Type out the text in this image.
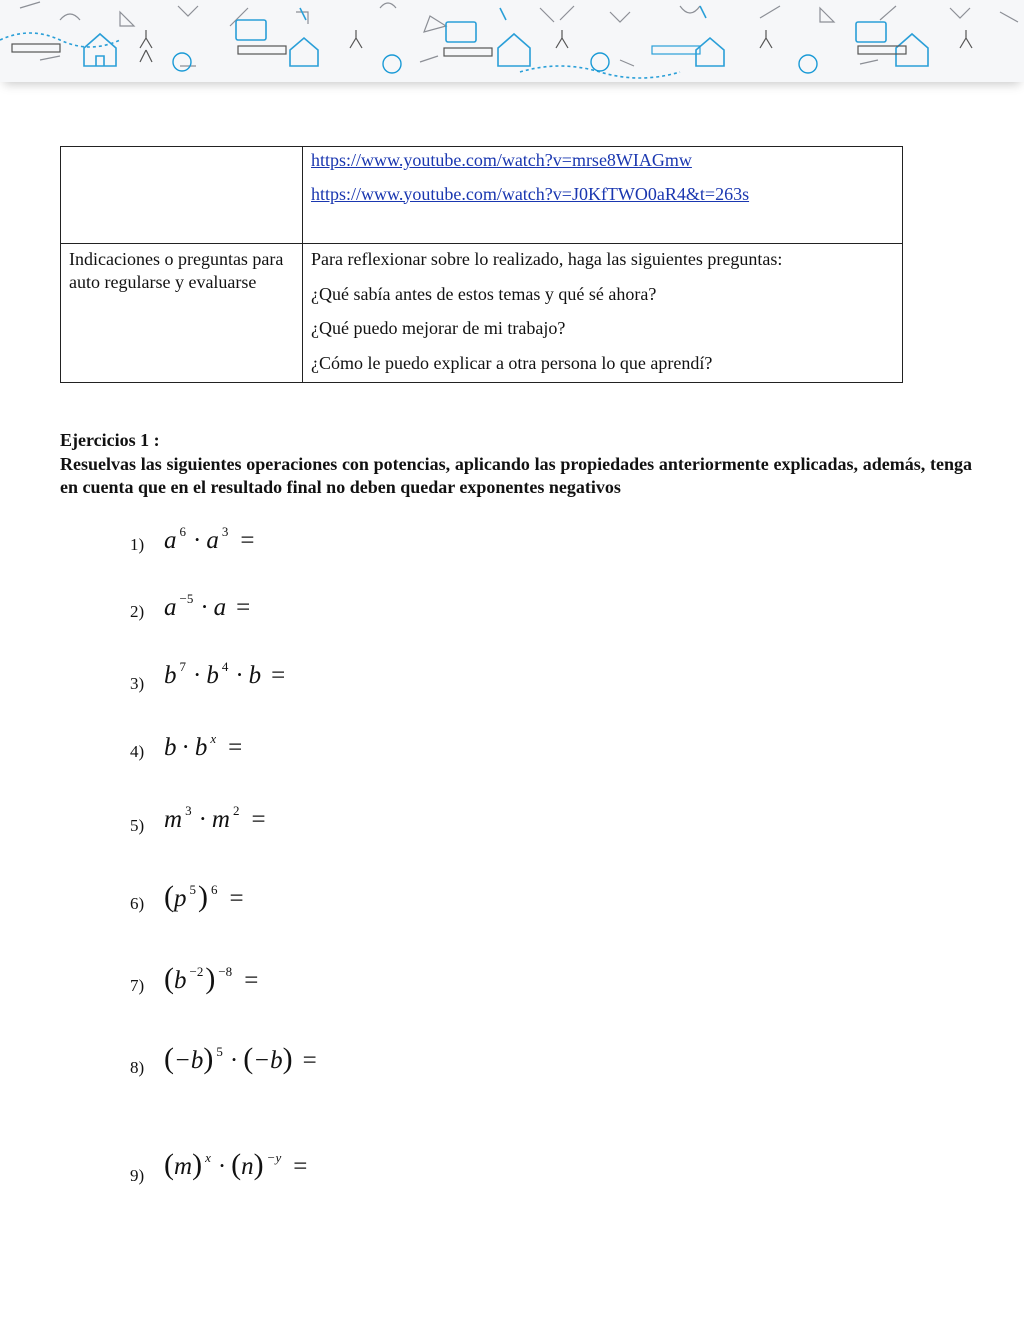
	https://www.youtube.com/watch?v=mrse8WIAGmw
https://www.youtube.com/watch?v=J0KfTWO0aR4&t=263s

Indicaciones o preguntas para auto regularse y evaluarse	Para reflexionar sobre lo realizado, haga las siguientes preguntas:
¿Qué sabía antes de estos temas y qué sé ahora?
¿Qué puedo mejorar de mi trabajo?
¿Cómo le puedo explicar a otra persona lo que aprendí?

Ejercicios 1 :

Resuelvas las siguientes operaciones con potencias, aplicando las propiedades anteriormente explicadas, además, tenga en cuenta que en el resultado final no deben quedar exponentes negativos

1) a $^6$ · a $^3$ =
2) a $^{-5}$ · a =
3) b $^7$ · b $^4$ · b =
4) b · b $^x$ =
5) m $^3$ · m $^2$ =
6) (p $^5$) $^6$ =
7) (b $^{-2}$) $^{-8}$ =
8) (−b) $^5$ · (−b) =
9) (m) $^x$ · (n) $^{-y}$ =
